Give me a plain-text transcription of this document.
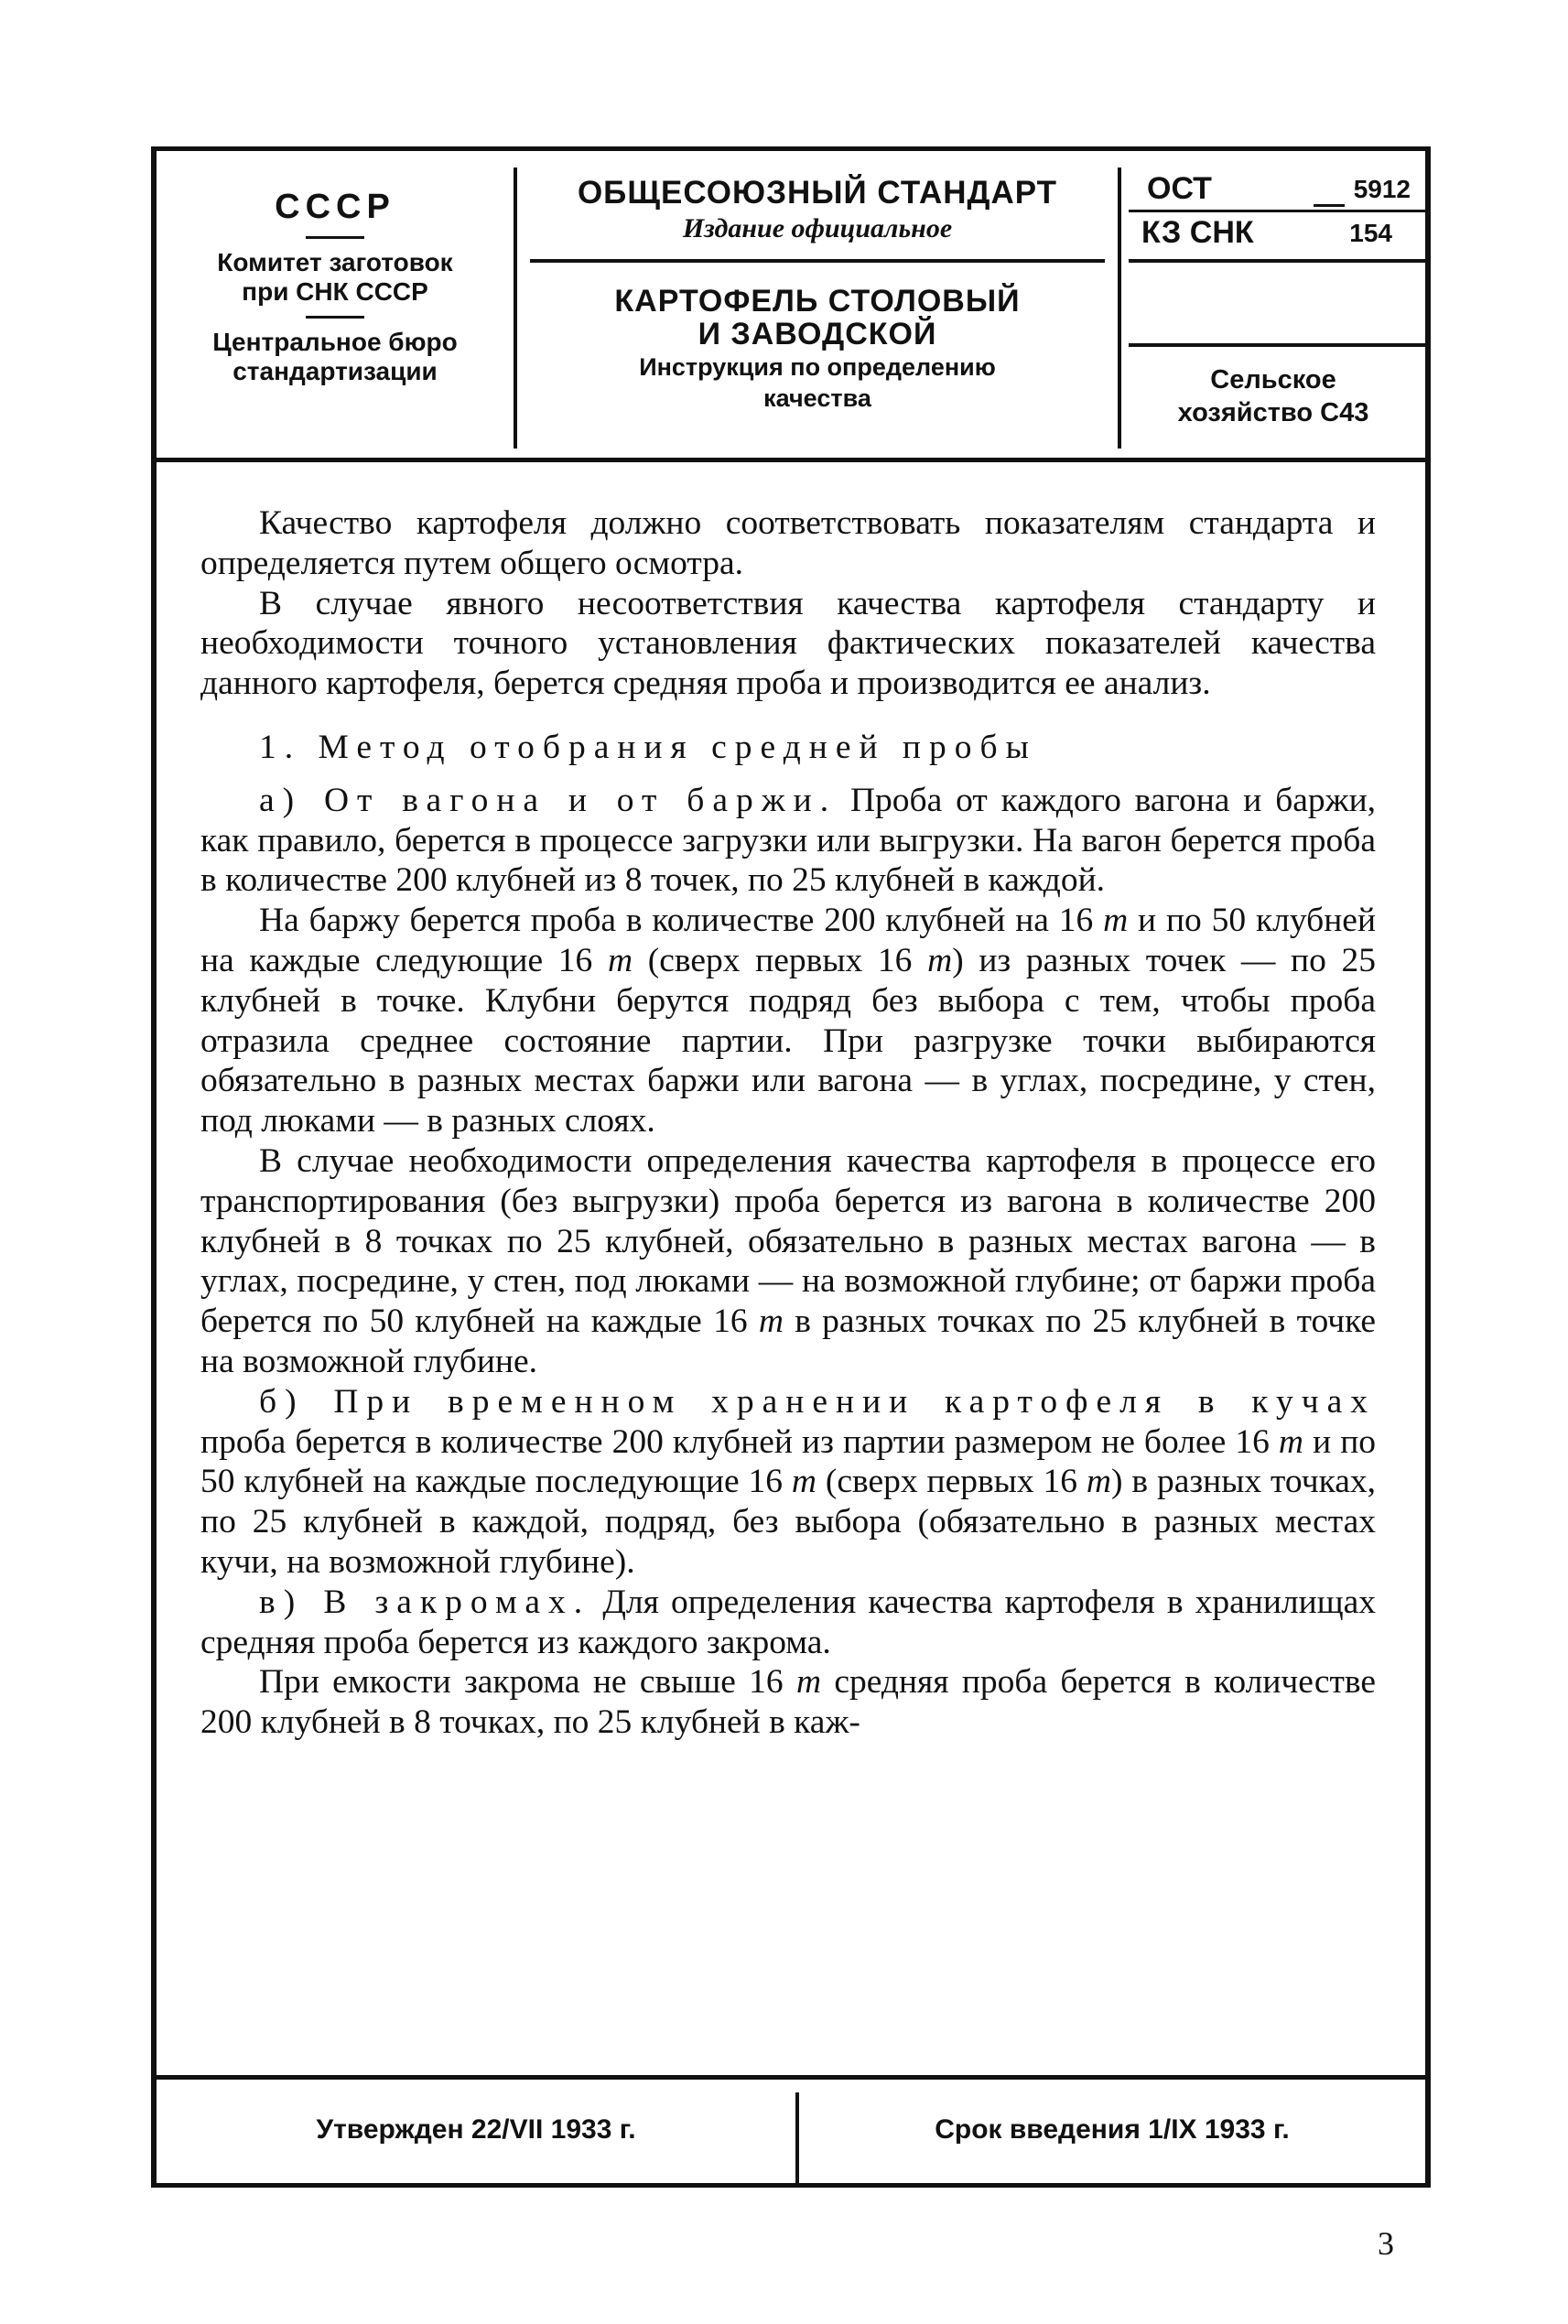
СССР
Комитет заготовок
при СНК СССР
Центральное бюро
стандартизации
ОБЩЕСОЮЗНЫЙ СТАНДАРТ
Издание официальное
КАРТОФЕЛЬ СТОЛОВЫЙ
И ЗАВОДСКОЙ
Инструкция по определению
качества
ОСТ	5912
КЗ СНК	154
Сельское
хозяйство С43

Качество картофеля должно соответствовать показателям стандарта и определяется путем общего осмотра.

В случае явного несоответствия качества картофеля стандарту и необходимости точного установления фактических показателей качества данного картофеля, берется средняя проба и производится ее анализ.

1. Метод отобрания средней пробы

а) От вагона и от баржи. Проба от каждого вагона и баржи, как правило, берется в процессе загрузки или выгрузки. На вагон берется проба в количестве 200 клубней из 8 точек, по 25 клубней в каждой.

На баржу берется проба в количестве 200 клубней на 16 т и по 50 клубней на каждые следующие 16 т (сверх первых 16 т) из разных точек — по 25 клубней в точке. Клубни берутся подряд без выбора с тем, чтобы проба отразила среднее состояние партии. При разгрузке точки выбираются обязательно в разных местах баржи или вагона — в углах, посредине, у стен, под люками — в разных слоях.

В случае необходимости определения качества картофеля в процессе его транспортирования (без выгрузки) проба берется из вагона в количестве 200 клубней в 8 точках по 25 клубней, обязательно в разных местах вагона — в углах, посредине, у стен, под люками — на возможной глубине; от баржи проба берется по 50 клубней на каждые 16 т в разных точках по 25 клубней в точке на возможной глубине.

б) При временном хранении картофеля в кучах проба берется в количестве 200 клубней из партии размером не более 16 т и по 50 клубней на каждые последующие 16 т (сверх первых 16 т) в разных точках, по 25 клубней в каждой, подряд, без выбора (обязательно в разных местах кучи, на возможной глубине).

в) В закромах. Для определения качества картофеля в хранилищах средняя проба берется из каждого закрома.

При емкости закрома не свыше 16 т средняя проба берется в количестве 200 клубней в 8 точках, по 25 клубней в каж-

Утвержден 22/VII 1933 г.	Срок введения 1/IX 1933 г.
3
